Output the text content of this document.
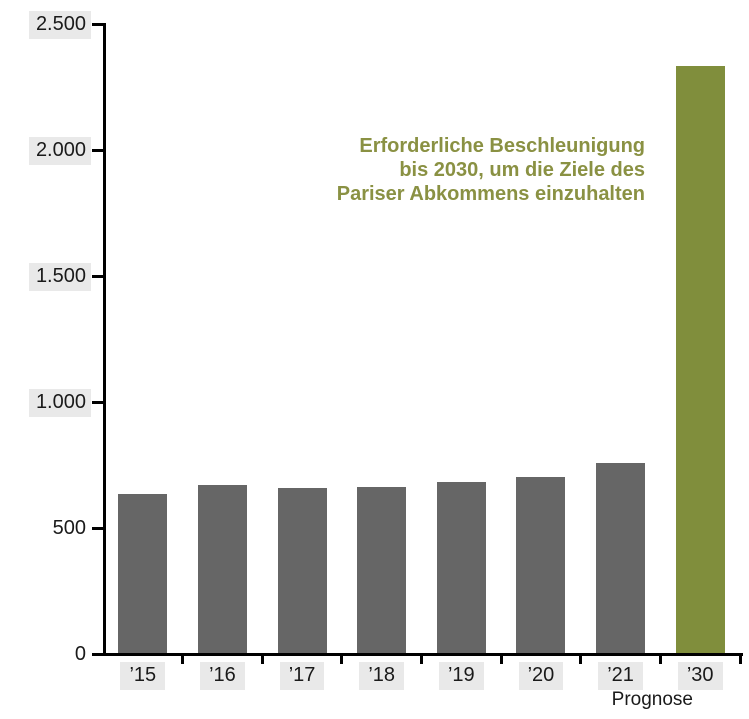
Erforderliche Beschleunigung
bis 2030, um die Ziele des
Pariser Abkommens einzuhalten
0
500
1.000
1.500
2.000
2.500
’15	’16	’17	’18	’19	’20	’21	’30
Prognose
